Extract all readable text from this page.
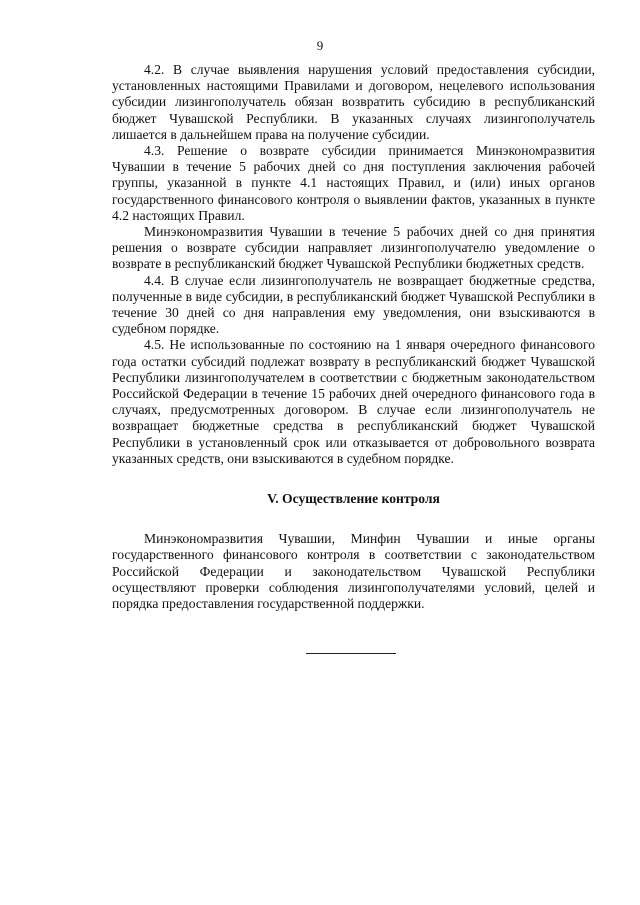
9

4.2. В случае выявления нарушения условий предоставления субсидии, установленных настоящими Правилами и договором, нецелевого использования субсидии лизингополучатель обязан возвратить субсидию в республиканский бюджет Чувашской Республики. В указанных случаях лизингополучатель лишается в дальнейшем права на получение субсидии.

4.3. Решение о возврате субсидии принимается Минэкономразвития Чувашии в течение 5 рабочих дней со дня поступления заключения рабочей группы, указанной в пункте 4.1 настоящих Правил, и (или) иных органов государственного финансового контроля о выявлении фактов, указанных в пункте 4.2 настоящих Правил.

Минэкономразвития Чувашии в течение 5 рабочих дней со дня принятия решения о возврате субсидии направляет лизингополучателю уведомление о возврате в республиканский бюджет Чувашской Республики бюджетных средств.

4.4. В случае если лизингополучатель не возвращает бюджетные средства, полученные в виде субсидии, в республиканский бюджет Чувашской Республики в течение 30 дней со дня направления ему уведомления, они взыскиваются в судебном порядке.

4.5. Не использованные по состоянию на 1 января очередного финансового года остатки субсидий подлежат возврату в республиканский бюджет Чувашской Республики лизингополучателем в соответствии с бюджетным законодательством Российской Федерации в течение 15 рабочих дней очередного финансового года в случаях, предусмотренных договором. В случае если лизингополучатель не возвращает бюджетные средства в республиканский бюджет Чувашской Республики в установленный срок или отказывается от добровольного возврата указанных средств, они взыскиваются в судебном порядке.

V. Осуществление контроля

Минэкономразвития Чувашии, Минфин Чувашии и иные органы государственного финансового контроля в соответствии с законодательством Российской Федерации и законодательством Чувашской Республики осуществляют проверки соблюдения лизингополучателями условий, целей и порядка предоставления государственной поддержки.
